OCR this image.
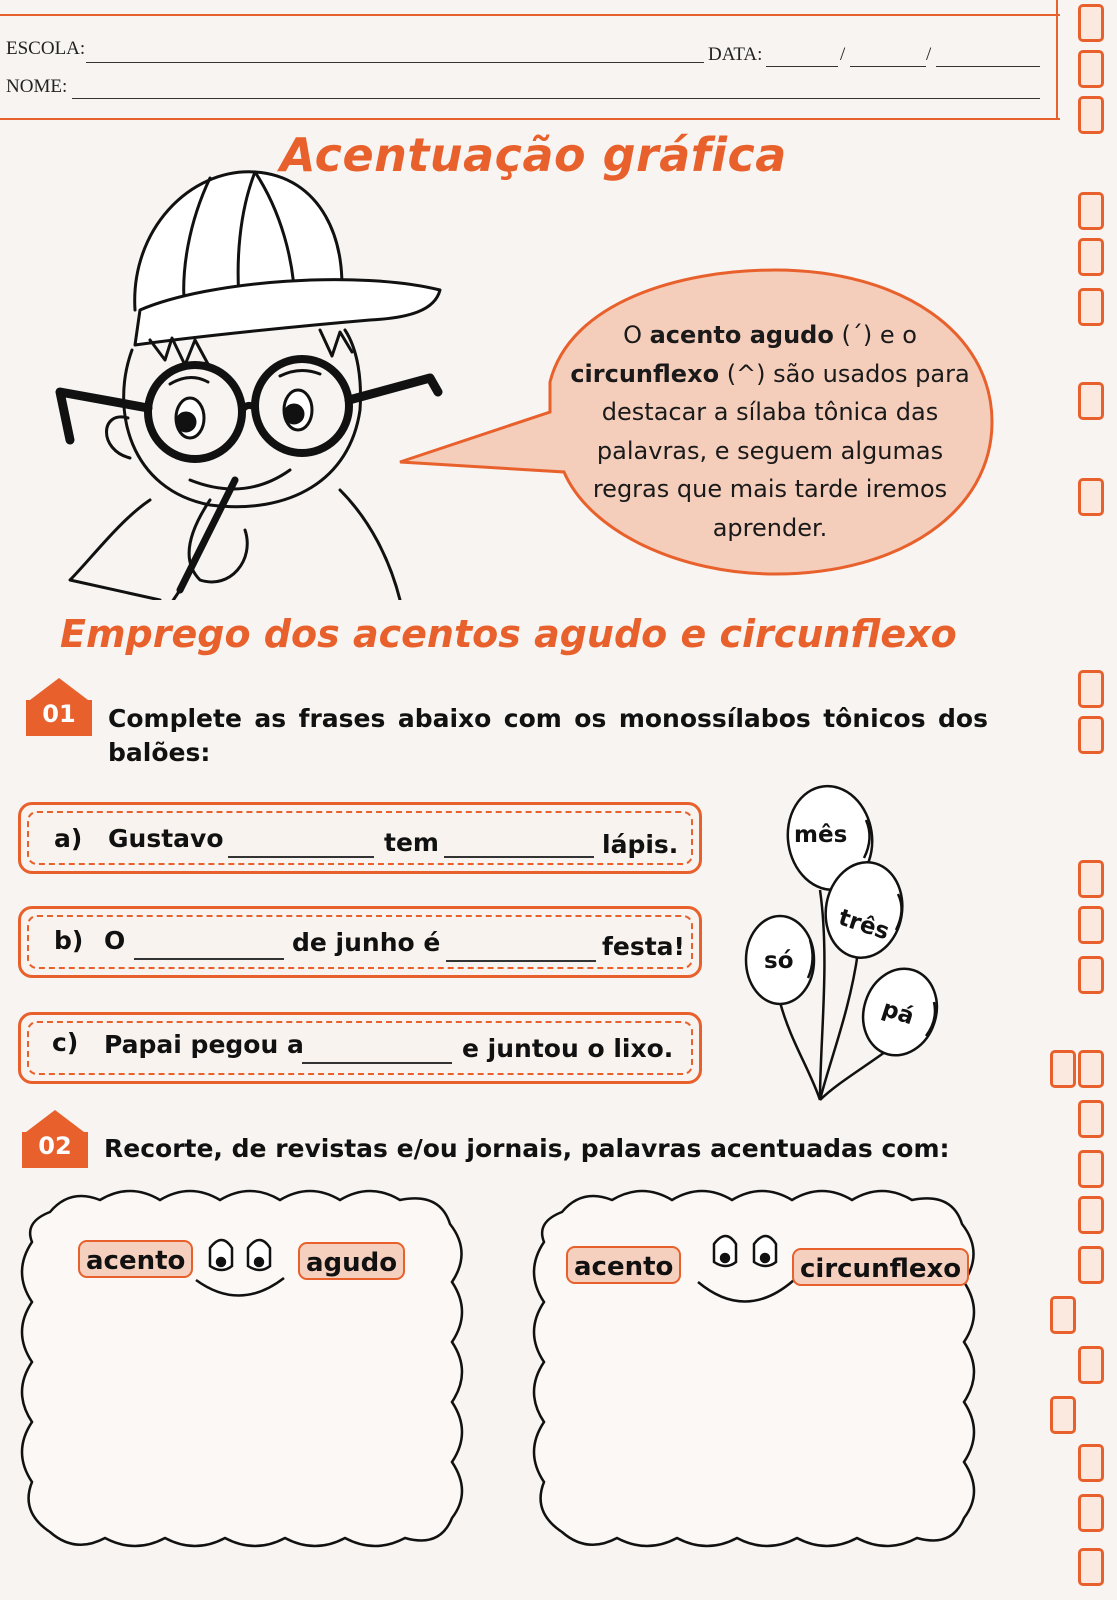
ESCOLA:	DATA:	/	/
NOME:
Acentuação gráfica
O acento agudo (´) e o circunflexo (^) são usados para destacar a sílaba tônica das palavras, e seguem algumas regras que mais tarde iremos aprender.
Emprego dos acentos agudo e circunflexo
01	Complete as frases abaixo com os monossílabos tônicos dos
balões:
a) Gustavo	tem	lápis.
b) O	de junho é	festa!
c) Papai pegou a	e juntou o lixo.
mês
três
só
pá
02	Recorte, de revistas e/ou jornais, palavras acentuadas com:
acento	agudo	acento	circunflexo
